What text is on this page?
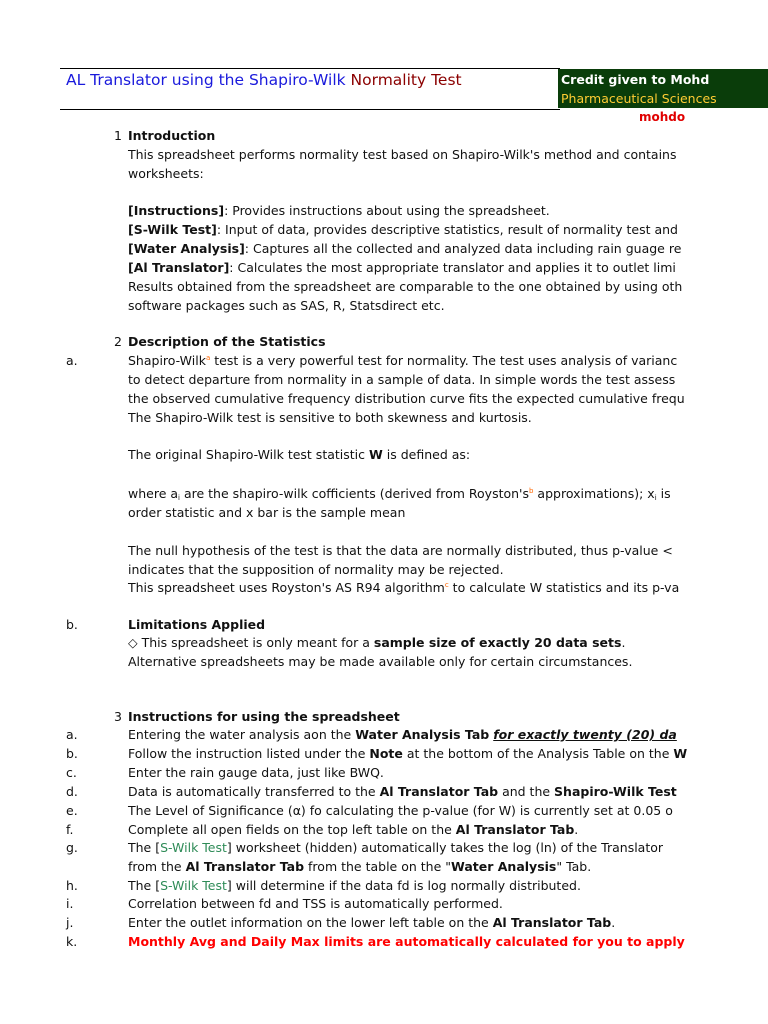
AL Translator using the Shapiro-Wilk Normality Test	Credit given to Mohd
Pharmaceutical Sciences
mohdo
1 Introduction
This spreadsheet performs normality test based on Shapiro-Wilk's method and contains
worksheets:
[Instructions]: Provides instructions about using the spreadsheet.
[S-Wilk Test]: Input of data, provides descriptive statistics, result of normality test and
[Water Analysis]: Captures all the collected and analyzed data including rain guage re
[Al Translator]: Calculates the most appropriate translator and applies it to outlet limi
Results obtained from the spreadsheet are comparable to the one obtained by using oth
software packages such as SAS, R, Statsdirect etc.
2 Description of the Statistics
a.	Shapiro-Wilk$^a$ test is a very powerful test for normality. The test uses analysis of varianc
to detect departure from normality in a sample of data. In simple words the test assess
the observed cumulative frequency distribution curve fits the expected cumulative frequ
The Shapiro-Wilk test is sensitive to both skewness and kurtosis.
The original Shapiro-Wilk test statistic W is defined as:
where $a_i$ are the shapiro-wilk cofficients (derived from $Royston's^b$ approximations); $x_i$ is
order statistic and x bar is the sample mean
The null hypothesis of the test is that the data are normally distributed, thus p-value <
indicates that the supposition of normality may be rejected.
This spreadsheet uses Royston's AS R94 algorithm$^c$ to calculate W statistics and its p-va
b.	Limitations Applied
◇ This spreadsheet is only meant for a sample size of exactly 20 data sets.
Alternative spreadsheets may be made available only for certain circumstances.
3 Instructions for using the spreadsheet
a.	Entering the water analysis aon the Water Analysis Tab for exactly twenty (20) da
b.	Follow the instruction listed under the Note at the bottom of the Analysis Table on the W
c.	Enter the rain gauge data, just like BWQ.
d.	Data is automatically transferred to the Al Translator Tab and the Shapiro-Wilk Test
e.	The Level of Significance (α) fo calculating the p-value (for W) is currently set at 0.05 o
f.	Complete all open fields on the top left table on the Al Translator Tab.
g.	The [S-Wilk Test] worksheet (hidden) automatically takes the log (ln) of the Translator
from the Al Translator Tab from the table on the "Water Analysis" Tab.
h.	The [S-Wilk Test] will determine if the data fd is log normally distributed.
i.	Correlation between fd and TSS is automatically performed.
j.	Enter the outlet information on the lower left table on the Al Translator Tab.
k.	Monthly Avg and Daily Max limits are automatically calculated for you to apply
